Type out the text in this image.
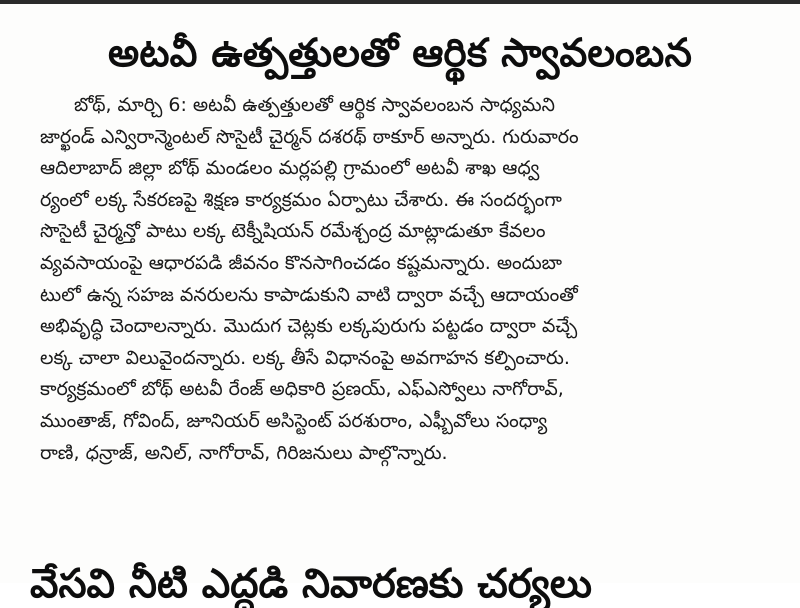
అటవీ ఉత్పత్తులతో ఆర్థిక స్వావలంబన
బోథ్, మార్చి 6: అటవీ ఉత్పత్తులతో ఆర్థిక స్వావలంబన సాధ్యమని
జార్ఖండ్ ఎన్విరాన్మెంటల్ సొసైటీ చైర్మన్ దశరథ్ ఠాకూర్ అన్నారు. గురువారం
ఆదిలాబాద్ జిల్లా బోథ్ మండలం మర్లపల్లి గ్రామంలో అటవీ శాఖ ఆధ్వ
ర్యంలో లక్క సేకరణపై శిక్షణ కార్యక్రమం ఏర్పాటు చేశారు. ఈ సందర్భంగా
సొసైటీ చైర్మన్తో పాటు లక్క టెక్నీషియన్ రమేశ్చంద్ర మాట్లాడుతూ కేవలం
వ్యవసాయంపై ఆధారపడి జీవనం కొనసాగించడం కష్టమన్నారు. అందుబా
టులో ఉన్న సహజ వనరులను కాపాడుకుని వాటి ద్వారా వచ్చే ఆదాయంతో
అభివృద్ధి చెందాలన్నారు. మొదుగ చెట్లకు లక్కపురుగు పట్టడం ద్వారా వచ్చే
లక్క చాలా విలువైందన్నారు. లక్క తీసే విధానంపై అవగాహన కల్పించారు.
కార్యక్రమంలో బోథ్ అటవీ రేంజ్ అధికారి ప్రణయ్, ఎఫ్ఎస్వోలు నాగోరావ్,
ముంతాజ్, గోవింద్, జూనియర్ అసిస్టెంట్ పరశురాం, ఎఫ్బీవోలు సంధ్యా
రాణి, ధన్రాజ్, అనిల్, నాగోరావ్, గిరిజనులు పాల్గొన్నారు.
వేసవి నీటి ఎద్దడి నివారణకు చర్యలు
